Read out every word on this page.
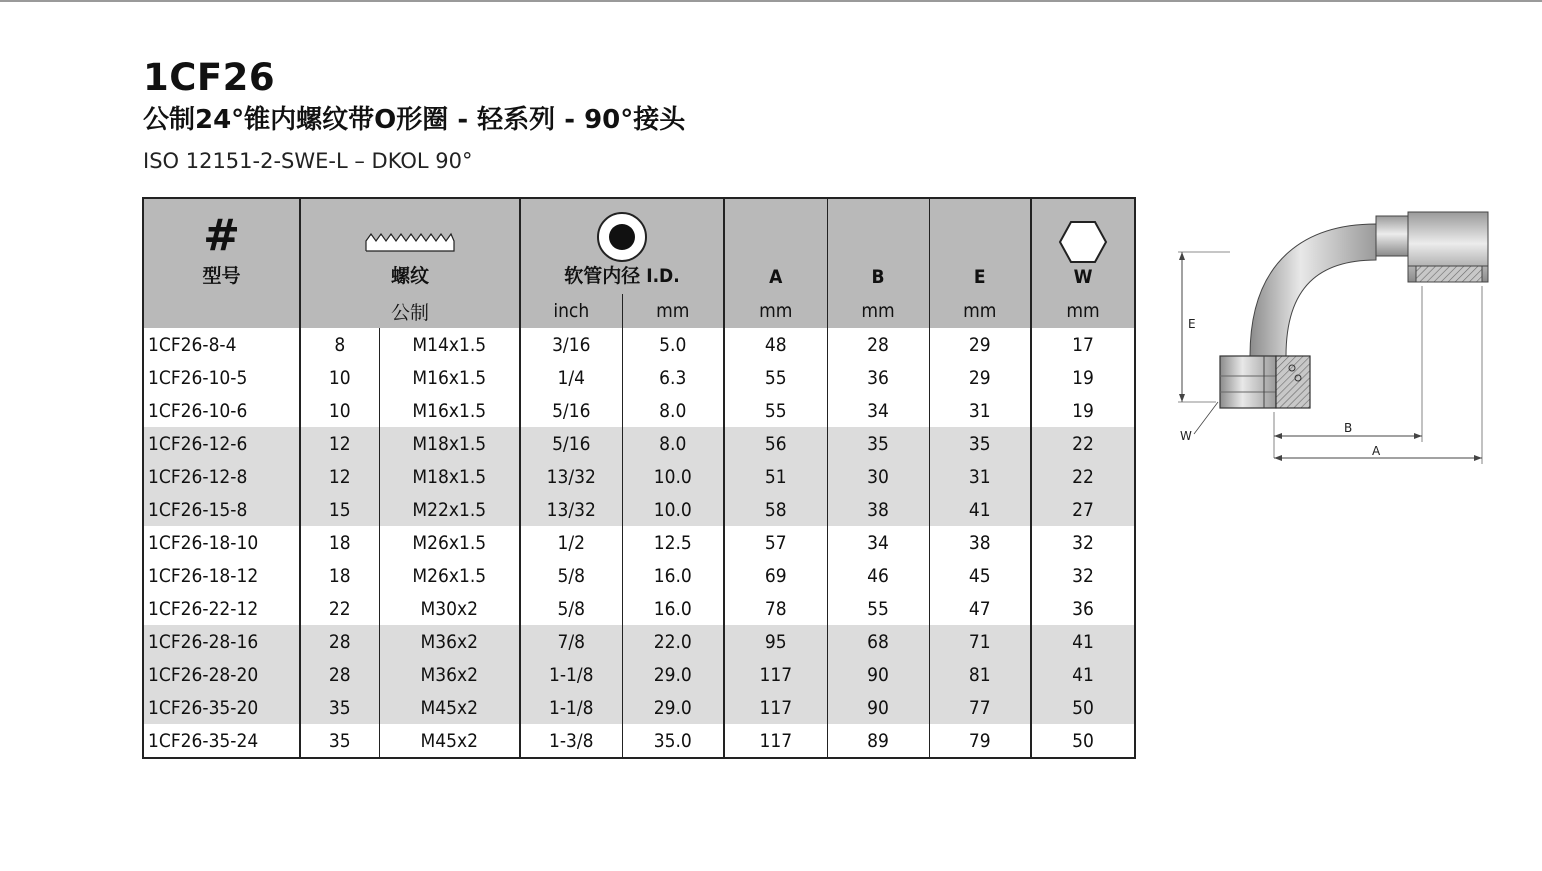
1CF26
公制24°锥内螺纹带O形圈 - 轻系列 - 90°接头
ISO 12151-2-SWE-L – DKOL 90°
#
型号	螺纹		软管内径 I.D.		A	B	E	W

	公制		inch	mm	mm	mm	mm	mm
1CF26-8-4	8	M14x1.5	3/16	5.0	48	28	29	17
1CF26-10-5	10	M16x1.5	1/4	6.3	55	36	29	19
1CF26-10-6	10	M16x1.5	5/16	8.0	55	34	31	19
1CF26-12-6	12	M18x1.5	5/16	8.0	56	35	35	22
1CF26-12-8	12	M18x1.5	13/32	10.0	51	30	31	22
1CF26-15-8	15	M22x1.5	13/32	10.0	58	38	41	27
1CF26-18-10	18	M26x1.5	1/2	12.5	57	34	38	32
1CF26-18-12	18	M26x1.5	5/8	16.0	69	46	45	32
1CF26-22-12	22	M30x2	5/8	16.0	78	55	47	36
1CF26-28-16	28	M36x2	7/8	22.0	95	68	71	41
1CF26-28-20	28	M36x2	1-1/8	29.0	117	90	81	41
1CF26-35-20	35	M45x2	1-1/8	29.0	117	90	77	50
1CF26-35-24	35	M45x2	1-3/8	35.0	117	89	79	50
E
W
B
A
